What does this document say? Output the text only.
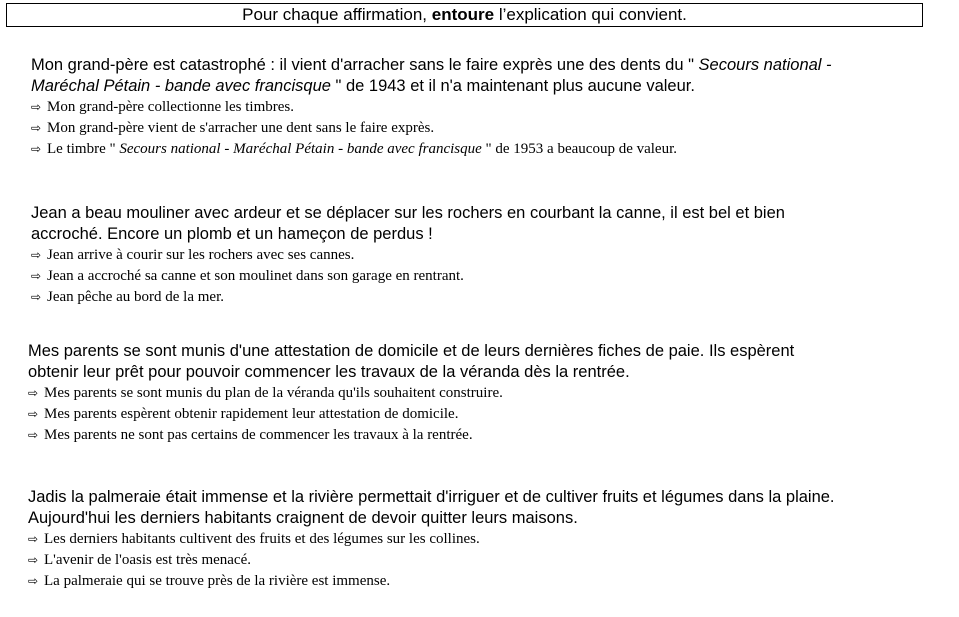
Pour chaque affirmation, entoure l’explication qui convient.

Mon grand-père est catastrophé : il vient d'arracher sans le faire exprès une des dents du " Secours national -
Maréchal Pétain - bande avec francisque " de 1943 et il n'a maintenant plus aucune valeur.

⇨ Mon grand-père collectionne les timbres.
⇨ Mon grand-père vient de s'arracher une dent sans le faire exprès.
⇨ Le timbre " Secours national - Maréchal Pétain - bande avec francisque " de 1953 a beaucoup de valeur.

Jean a beau mouliner avec ardeur et se déplacer sur les rochers en courbant la canne, il est bel et bien
accroché. Encore un plomb et un hameçon de perdus !

⇨ Jean arrive à courir sur les rochers avec ses cannes.
⇨ Jean a accroché sa canne et son moulinet dans son garage en rentrant.
⇨ Jean pêche au bord de la mer.

Mes parents se sont munis d'une attestation de domicile et de leurs dernières fiches de paie. Ils espèrent
obtenir leur prêt pour pouvoir commencer les travaux de la véranda dès la rentrée.

⇨ Mes parents se sont munis du plan de la véranda qu'ils souhaitent construire.
⇨ Mes parents espèrent obtenir rapidement leur attestation de domicile.
⇨ Mes parents ne sont pas certains de commencer les travaux à la rentrée.

Jadis la palmeraie était immense et la rivière permettait d'irriguer et de cultiver fruits et légumes dans la plaine.
Aujourd'hui les derniers habitants craignent de devoir quitter leurs maisons.

⇨ Les derniers habitants cultivent des fruits et des légumes sur les collines.
⇨ L'avenir de l'oasis est très menacé.
⇨ La palmeraie qui se trouve près de la rivière est immense.
